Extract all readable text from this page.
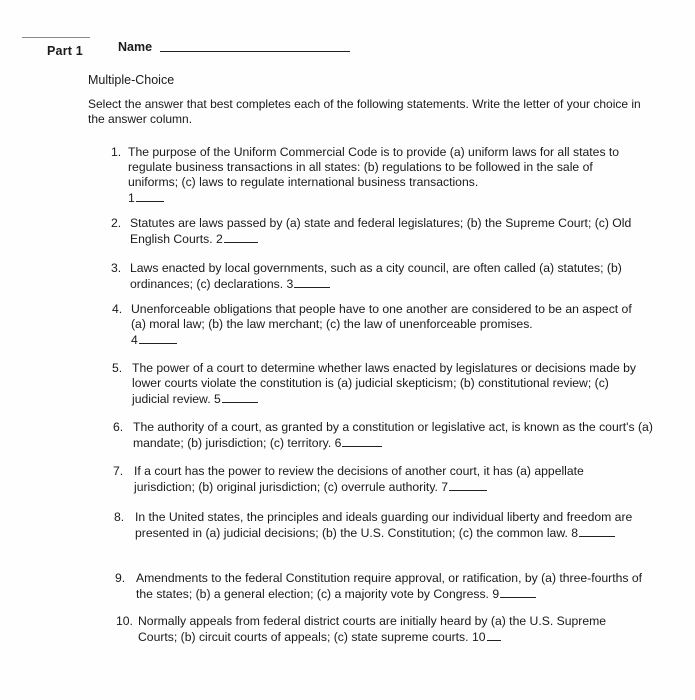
Part 1	Name
Multiple-Choice
Select the answer that best completes each of the following statements. Write the letter of your choice in the answer column.
1. The purpose of the Uniform Commercial Code is to provide (a) uniform laws for all states to regulate business transactions in all states: (b) regulations to be followed in the sale of uniforms; (c) laws to regulate international business transactions.
1
2. Statutes are laws passed by (a) state and federal legislatures; (b) the Supreme Court; (c) Old English Courts. 2
3. Laws enacted by local governments, such as a city council, are often called (a) statutes; (b) ordinances; (c) declarations. 3
4. Unenforceable obligations that people have to one another are considered to be an aspect of (a) moral law; (b) the law merchant; (c) the law of unenforceable promises.
4
5. The power of a court to determine whether laws enacted by legislatures or decisions made by lower courts violate the constitution is (a) judicial skepticism; (b) constitutional review; (c) judicial review. 5
6. The authority of a court, as granted by a constitution or legislative act, is known as the court's (a) mandate; (b) jurisdiction; (c) territory. 6
7. If a court has the power to review the decisions of another court, it has (a) appellate jurisdiction; (b) original jurisdiction; (c) overrule authority. 7
8. In the United states, the principles and ideals guarding our individual liberty and freedom are presented in (a) judicial decisions; (b) the U.S. Constitution; (c) the common law. 8
9. Amendments to the federal Constitution require approval, or ratification, by (a) three-fourths of the states; (b) a general election; (c) a majority vote by Congress. 9
10. Normally appeals from federal district courts are initially heard by (a) the U.S. Supreme Courts; (b) circuit courts of appeals; (c) state supreme courts. 10
